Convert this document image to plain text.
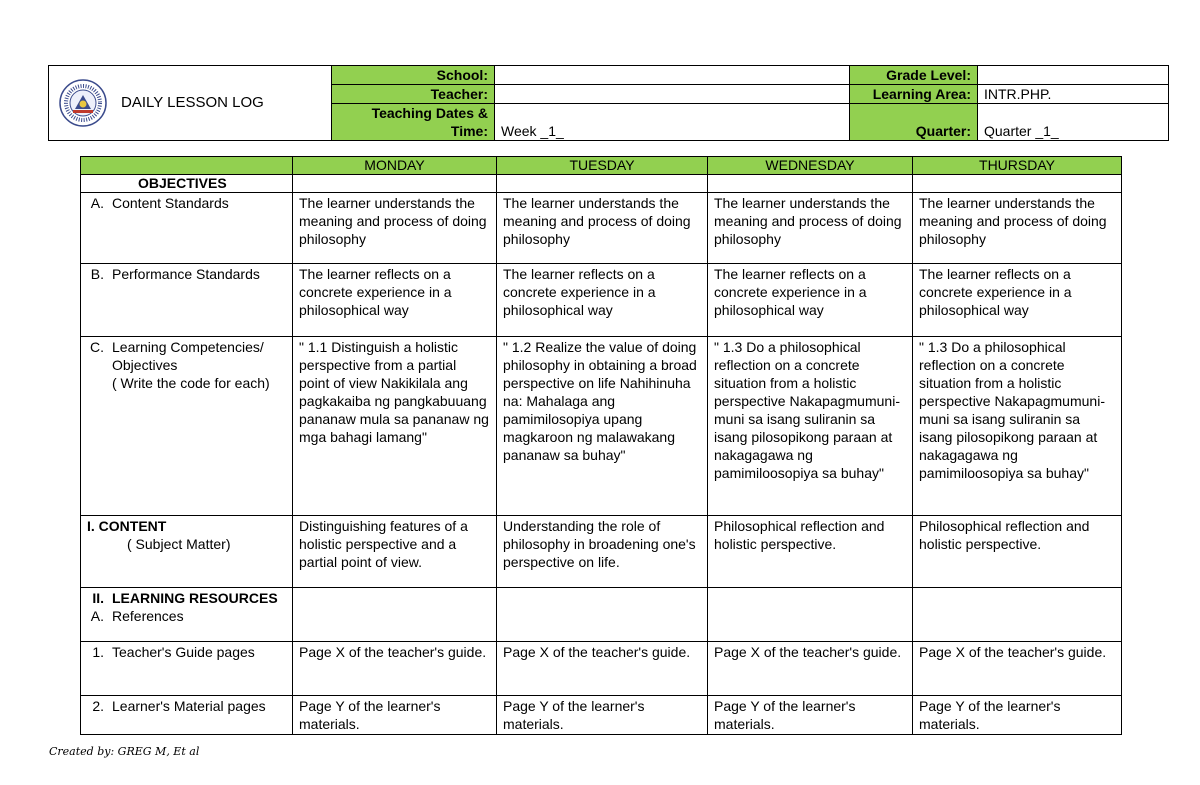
DAILY LESSON LOG	School:		Grade Level:	
	Teacher:		Learning Area:	INTR.PHP.
	Teaching Dates &	Week _1_	Quarter:	Quarter _1_
	Time:			
	MONDAY	TUESDAY	WEDNESDAY	THURSDAY
OBJECTIVES				

A. Content Standards	The learner understands the meaning and process of doing philosophy	The learner understands the meaning and process of doing philosophy	The learner understands the meaning and process of doing philosophy	The learner understands the meaning and process of doing philosophy

B. Performance Standards	The learner reflects on a concrete experience in a philosophical way	The learner reflects on a concrete experience in a philosophical way	The learner reflects on a concrete experience in a philosophical way	The learner reflects on a concrete experience in a philosophical way

C. Learning Competencies/ Objectives
( Write the code for each)	" 1.1 Distinguish a holistic perspective from a partial point of view Nakikilala ang pagkakaiba ng pangkabuuang pananaw mula sa pananaw ng mga bahagi lamang"	" 1.2 Realize the value of doing philosophy in obtaining a broad perspective on life Nahihinuha na: Mahalaga ang pamimilosopiya upang magkaroon ng malawakang pananaw sa buhay"	" 1.3 Do a philosophical reflection on a concrete situation from a holistic perspective Nakapagmumuni-muni sa isang suliranin sa isang pilosopikong paraan at nakagagawa ng pamimiloosopiya sa buhay"	" 1.3 Do a philosophical reflection on a concrete situation from a holistic perspective Nakapagmumuni-muni sa isang suliranin sa isang pilosopikong paraan at nakagagawa ng pamimiloosopiya sa buhay"

I. CONTENT
( Subject Matter)	Distinguishing features of a holistic perspective and a partial point of view.	Understanding the role of philosophy in broadening one's perspective on life.	Philosophical reflection and holistic perspective.	Philosophical reflection and holistic perspective.

II. LEARNING RESOURCES
A. References				

1. Teacher's Guide pages	Page X of the teacher's guide.	Page X of the teacher's guide.	Page X of the teacher's guide.	Page X of the teacher's guide.

2. Learner's Material pages	Page Y of the learner's materials.	Page Y of the learner's materials.	Page Y of the learner's materials.	Page Y of the learner's materials.
Created by: GREG M, Et al
